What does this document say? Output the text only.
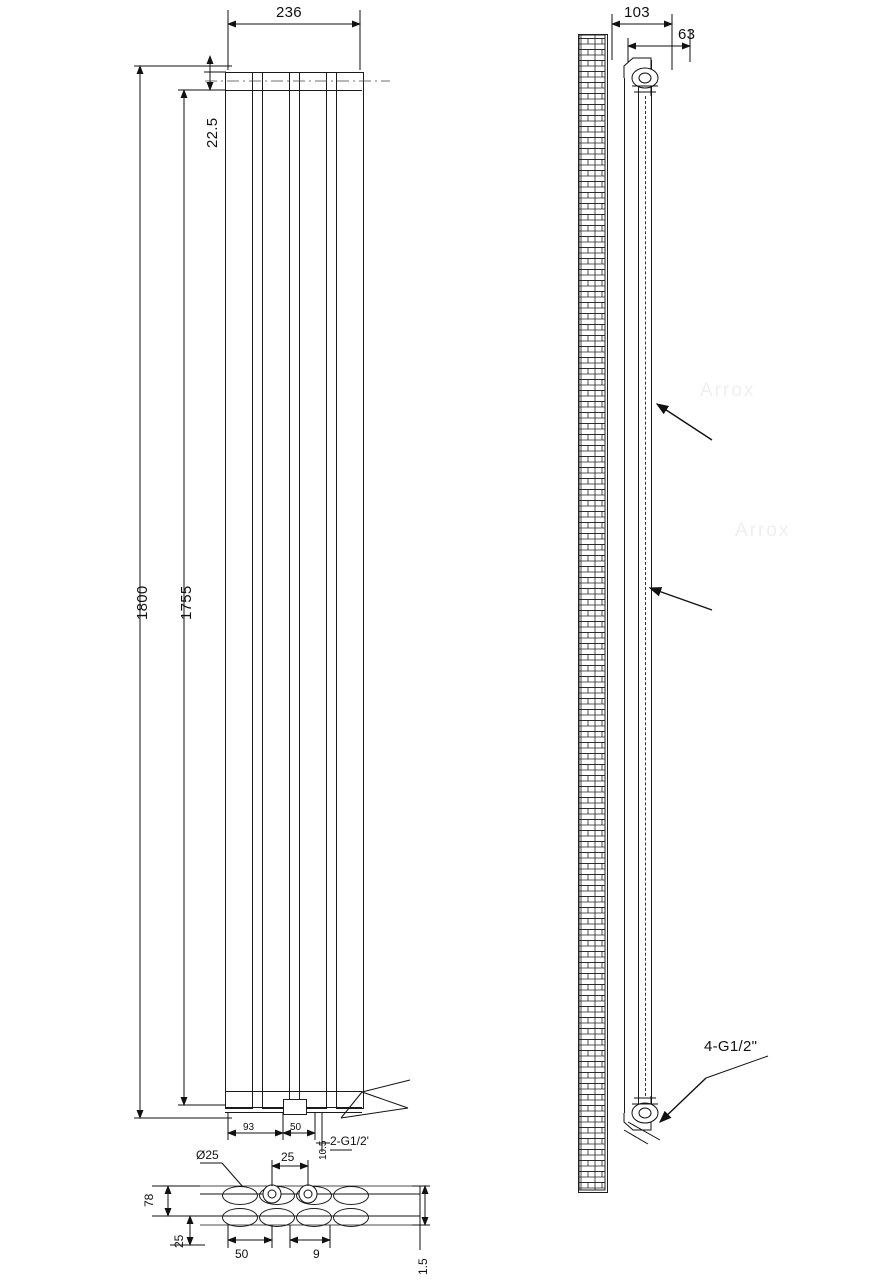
Arrox
Arrox
1800 1755
22.5
236
93	50
10.5 2-G1/2'
Ø25	25
78
25
50	9
1.5
103
63
4-G1/2"
